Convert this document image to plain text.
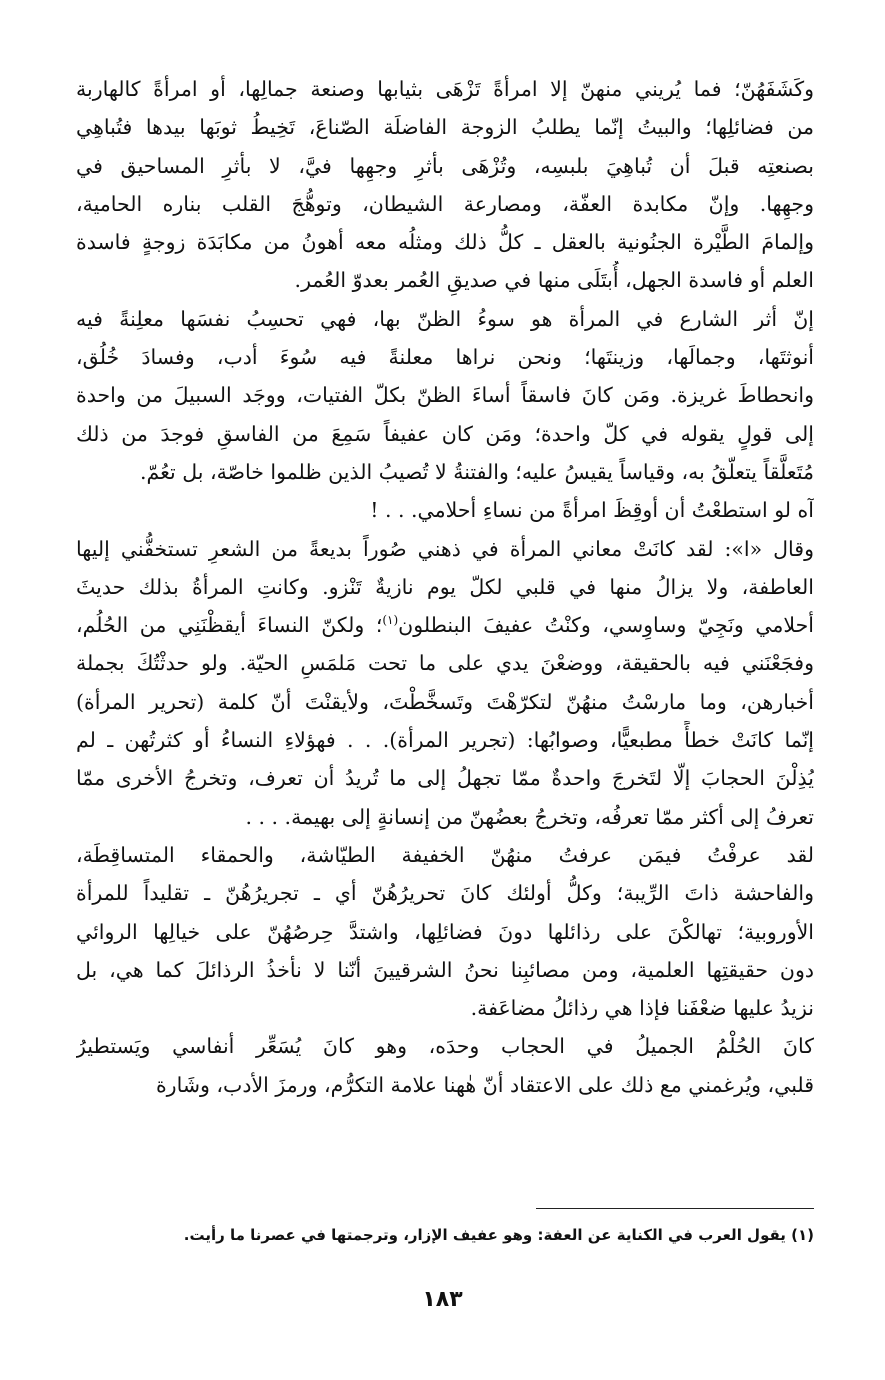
وكَشَفَهُنّ؛ فما يُريني منهنّ إلا امرأةً تَزْهَى بثيابها وصنعة جمالِها، أو امرأةً كالهاربة
من فضائلِها؛ والبيتُ إنّما يطلبُ الزوجة الفاضلَة الصّناعَ، تَخِيطُ ثوبَها بيدها فتُباهِي
بصنعتِه قبلَ أن تُباهِيَ بلبسِه، وتُزْهَى بأثرِ وجهِها فيَّ، لا بأثرِ المساحيق في
وجهِها. وإنّ مكابدة العفّة، ومصارعة الشيطان، وتوهُّجَ القلب بناره الحامية،
وإلمامَ الطَّيْرة الجنُونية بالعقل ـ كلُّ ذلك ومثلُه معه أهونُ من مكابَدَة زوجةٍ فاسدة
العلم أو فاسدة الجهل، أُبتَلَى منها في صديقِ العُمر بعدوّ العُمر.
إنّ أثر الشارع في المرأة هو سوءُ الظنّ بها، فهي تحسِبُ نفسَها معلِنةً فيه
أنوثتَها، وجمالَها، وزينتَها؛ ونحن نراها معلنةً فيه سُوءَ أدب، وفسادَ خُلُق،
وانحطاطَ غريزة. ومَن كانَ فاسقاً أساءَ الظنّ بكلّ الفتيات، ووجَد السبيلَ من واحدة
إلى قولٍ يقوله في كلّ واحدة؛ ومَن كان عفيفاً سَمِعَ من الفاسقِ فوجدَ من ذلك
مُتَعلَّقاً يتعلّقُ به، وقياساً يقيسُ عليه؛ والفتنةُ لا تُصيبُ الذين ظلموا خاصّة، بل تعُمّ.
آه لو استطعْتُ أن أوقِظَ امرأةً من نساءِ أحلامي. . . !
وقال «ا»: لقد كانَتْ معاني المرأة في ذهني صُوراً بديعةً من الشعرِ تستخفُّني إليها
العاطفة، ولا يزالُ منها في قلبي لكلّ يوم نازيةٌ تَنْزو. وكانتِ المرأةُ بذلك حديثَ
أحلامي ونَجِيّ وساوِسي، وكنْتُ عفيفَ البنطلون$^{(١)}$؛ ولكنّ النساءَ أيقظْنَنِي من الحُلُم،
وفجَعْنَني فيه بالحقيقة، ووضعْنَ يدي على ما تحت مَلمَسِ الحيّة. ولو حدثْتُكَ بجملة
أخبارهن، وما مارسْتُ منهُنّ لتكرّهْتَ وتَسخَّطْتَ، ولأيقنْتَ أنّ كلمة (تحرير المرأة)
إنّما كانَتْ خطأً مطبعيًّا، وصوابُها: (تجرير المرأة). . . فهؤلاءِ النساءُ أو كثرتُهن ـ لم
يُذِلْنَ الحجابَ إلّا لتَخرجَ واحدةٌ ممّا تجهلُ إلى ما تُريدُ أن تعرف، وتخرجُ الأخرى ممّا
تعرفُ إلى أكثر ممّا تعرفُه، وتخرجُ بعضُهنّ من إنسانةٍ إلى بهيمة. . . .
لقد عرفْتُ فيمَن عرفتُ منهُنّ الخفيفة الطيّاشة، والحمقاء المتساقِطَة،
والفاحشة ذاتَ الرِّيبة؛ وكلُّ أولئك كانَ تحريرُهُنّ أي ـ تجريرُهُنّ ـ تقليداً للمرأة
الأوروبية؛ تهالكْنَ على رذائلها دونَ فضائلِها، واشتدَّ حِرصُهُنّ على خيالِها الروائي
دون حقيقتِها العلمية، ومن مصائبِنا نحنُ الشرقيينَ أنّنا لا نأخذُ الرذائلَ كما هي، بل
نزيدُ عليها ضعْفَنا فإذا هي رذائلُ مضاعَفة.
كانَ الحُلْمُ الجميلُ في الحجاب وحدَه، وهو كانَ يُسَعِّر أنفاسي ويَستطيرُ
قلبي، ويُرغمني مع ذلك على الاعتقاد أنّ هٰهنا علامة التكرُّم، ورمزَ الأدب، وشَارة
(١) يقول العرب في الكناية عن العفة: وهو عفيف الإزار، وترجمتها في عصرنا ما رأيت.
١٨٣
